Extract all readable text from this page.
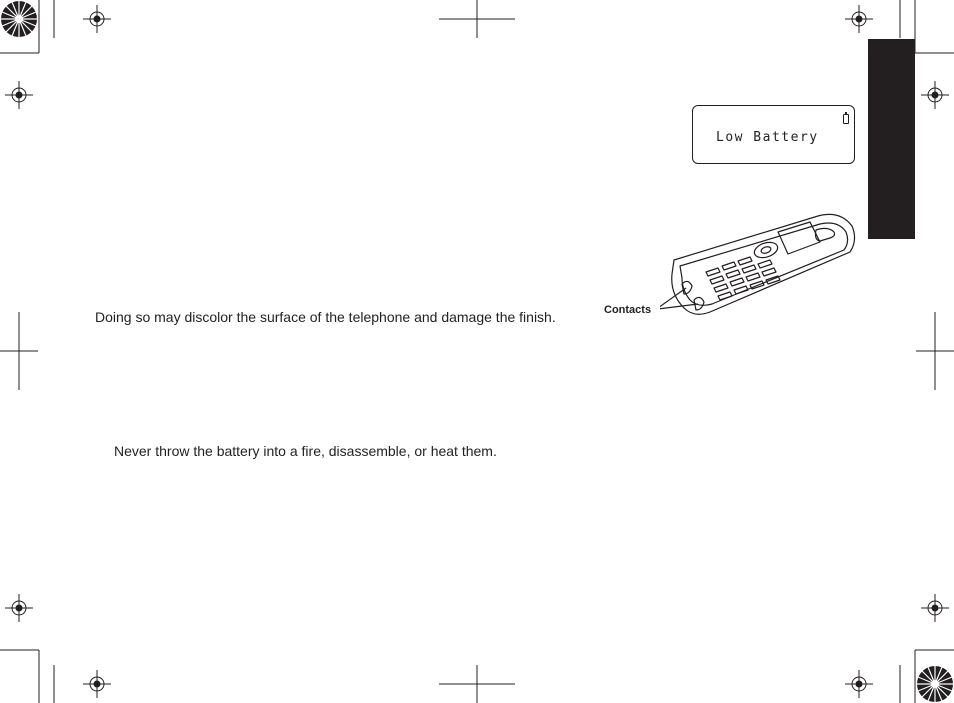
Low Battery
Contacts

Doing so may discolor the surface of the telephone and damage the finish.

Never throw the battery into a fire, disassemble, or heat them.
